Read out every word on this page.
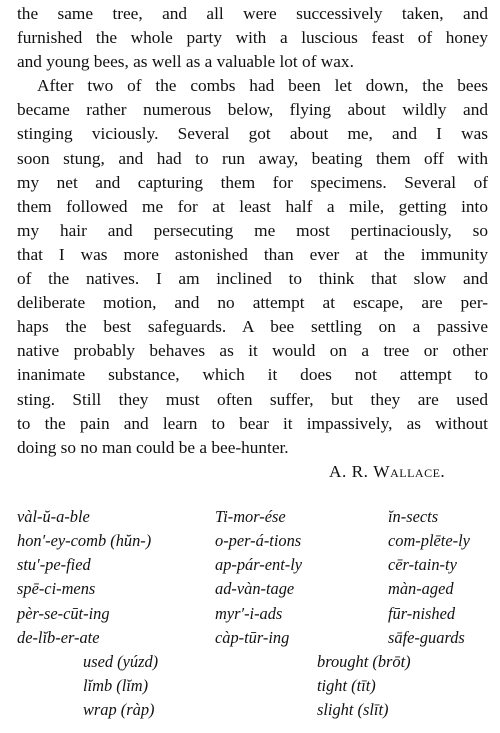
the same tree, and all were successively taken, and
furnished the whole party with a luscious feast of honey
and young bees, as well as a valuable lot of wax.

After two of the combs had been let down, the bees
became rather numerous below, flying about wildly and
stinging viciously. Several got about me, and I was
soon stung, and had to run away, beating them off with
my net and capturing them for specimens. Several of
them followed me for at least half a mile, getting into
my hair and persecuting me most pertinaciously, so
that I was more astonished than ever at the immunity
of the natives. I am inclined to think that slow and
deliberate motion, and no attempt at escape, are per-
haps the best safeguards. A bee settling on a passive
native probably behaves as it would on a tree or other
inanimate substance, which it does not attempt to
sting. Still they must often suffer, but they are used
to the pain and learn to bear it impassively, as without
doing so no man could be a bee-hunter.

A. R. Wallace.

vàl-ŭ-a-ble	Ti-mor-ése	ĭn-sects
hon′-ey-comb (hŭn-)	o-per-á-tions	com-plēte-ly
stu′-pe-fied	ap-pár-ent-ly	cēr-tain-ty
spē-ci-mens	ad-vàn-tage	màn-aged
pèr-se-cūt-ing	myr′-i-ads	fūr-nished
de-lĭb-er-ate	càp-tūr-ing	sāfe-guards
used (yúzd)	brought (brōt)
lĭmb (lĭm)	tight (tīt)
wrap (ràp)	slight (slīt)
